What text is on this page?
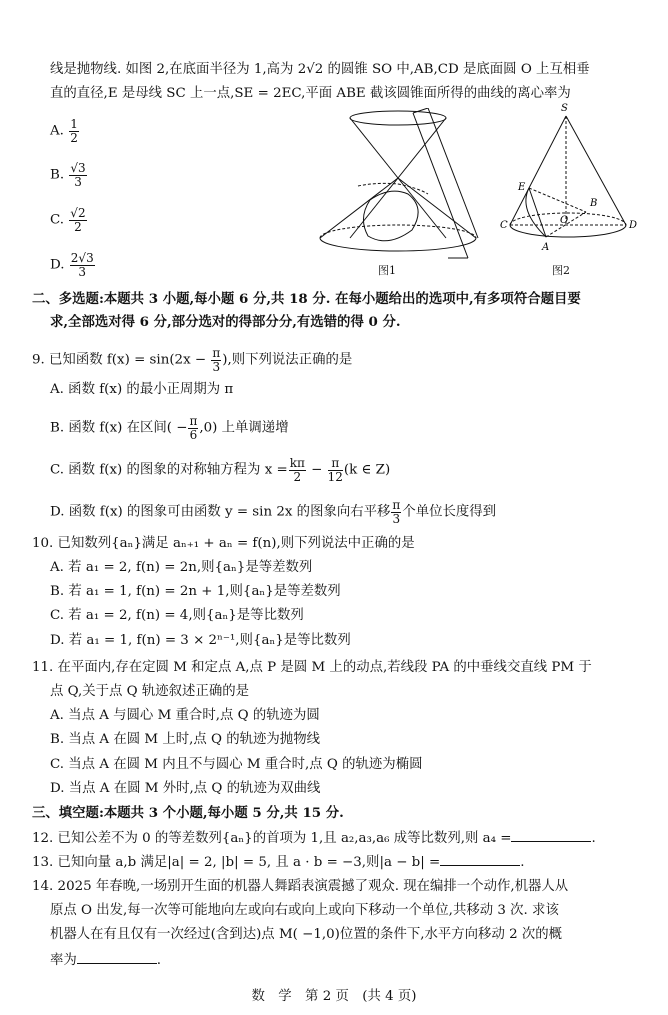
线是抛物线. 如图 2,在底面半径为 1,高为 2√2 的圆锥 SO 中,AB,CD 是底面圆 O 上互相垂
直的直径,E 是母线 SC 上一点,SE = 2EC,平面 ABE 截该圆锥面所得的曲线的离心率为
A. $\frac{1}{2}$
B. $\frac{√3}{3}$
C. $\frac{√2}{2}$
D. $\frac{2√3}{3}$	图1
S
E
B
C	O	D
A
图2
二、多选题:本题共 3 小题,每小题 6 分,共 18 分. 在每小题给出的选项中,有多项符合题目要
求,全部选对得 6 分,部分选对的得部分分,有选错的得 0 分.
9. 已知函数 $f(x) = \sin(2x - \frac{\pi}{3}$ ),则下列说法正确的是
A. 函数 f(x) 的最小正周期为 π
B. 函数 f(x) 在区间( − $\frac{\pi}{6} ,0$) 上单调递增
C. 函数 f(x) 的图象的对称轴方程为 $x = \frac{k\pi}{2} - \frac{\pi}{12} (k$ ∈ Z)
D. 函数 f(x) 的图象可由函数 y = sin 2x 的图象向右平移 $\frac{\pi}{3}$ 个单位长度得到
10. 已知数列{aₙ}满足 aₙ₊₁ + aₙ = f(n),则下列说法中正确的是
A. 若 a₁ = 2, f(n) = 2n,则{aₙ}是等差数列
B. 若 a₁ = 1, f(n) = 2n + 1,则{aₙ}是等差数列
C. 若 a₁ = 2, f(n) = 4,则{aₙ}是等比数列
D. 若 a₁ = 1, f(n) = 3 × 2ⁿ⁻¹,则{aₙ}是等比数列
11. 在平面内,存在定圆 M 和定点 A,点 P 是圆 M 上的动点,若线段 PA 的中垂线交直线 PM 于
点 Q,关于点 Q 轨迹叙述正确的是
A. 当点 A 与圆心 M 重合时,点 Q 的轨迹为圆
B. 当点 A 在圆 M 上时,点 Q 的轨迹为抛物线
C. 当点 A 在圆 M 内且不与圆心 M 重合时,点 Q 的轨迹为椭圆
D. 当点 A 在圆 M 外时,点 Q 的轨迹为双曲线
三、填空题:本题共 3 个小题,每小题 5 分,共 15 分.
12. 已知公差不为 0 的等差数列{aₙ}的首项为 1,且 a₂,a₃,a₆ 成等比数列,则 a₄ =	.
13. 已知向量 a,b 满足|a| = 2, |b| = 5, 且 a · b = −3,则|a − b| =	.
14. 2025 年春晚,一场别开生面的机器人舞蹈表演震撼了观众. 现在编排一个动作,机器人从
原点 O 出发,每一次等可能地向左或向右或向上或向下移动一个单位,共移动 3 次. 求该
机器人在有且仅有一次经过(含到达)点 M( −1,0)位置的条件下,水平方向移动 2 次的概
率为	.
数　学　第 2 页　(共 4 页)
